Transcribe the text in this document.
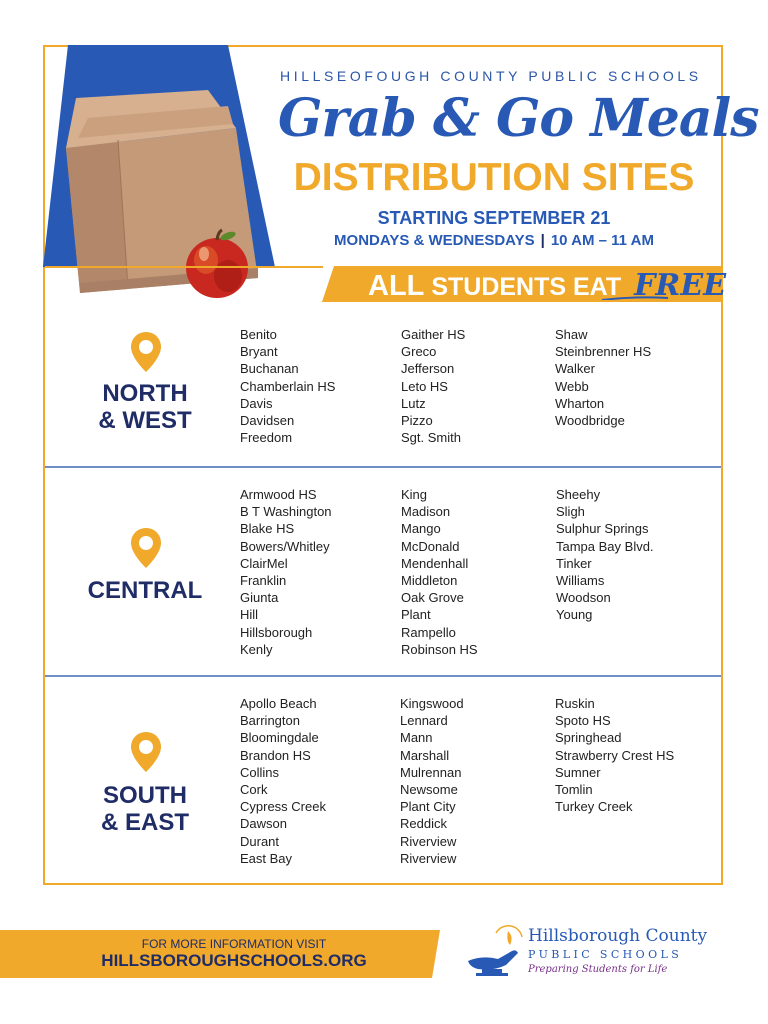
HILLSEOFOUGH COUNTY PUBLIC SCHOOLS
Grab & Go Meals
DISTRIBUTION SITES
STARTING SEPTEMBER 21
MONDAYS & WEDNESDAYS | 10 AM – 11 AM
ALL STUDENTS EAT FREE
NORTH
& WEST
Benito
Bryant
Buchanan
Chamberlain HS
Davis
Davidsen
Freedom
Gaither HS
Greco
Jefferson
Leto HS
Lutz
Pizzo
Sgt. Smith
Shaw
Steinbrenner HS
Walker
Webb
Wharton
Woodbridge
CENTRAL
Armwood HS
B T Washington
Blake HS
Bowers/Whitley
ClairMel
Franklin
Giunta
Hill
Hillsborough
Kenly
King
Madison
Mango
McDonald
Mendenhall
Middleton
Oak Grove
Plant
Rampello
Robinson HS
Sheehy
Sligh
Sulphur Springs
Tampa Bay Blvd.
Tinker
Williams
Woodson
Young
SOUTH
& EAST
Apollo Beach
Barrington
Bloomingdale
Brandon HS
Collins
Cork
Cypress Creek
Dawson
Durant
East Bay
Kingswood
Lennard
Mann
Marshall
Mulrennan
Newsome
Plant City
Reddick
Riverview
Riverview
Ruskin
Spoto HS
Springhead
Strawberry Crest HS
Sumner
Tomlin
Turkey Creek
FOR MORE INFORMATION VISIT
HILLSBOROUGHSCHOOLS.ORG
Hillsborough County
PUBLIC SCHOOLS
Preparing Students for Life
